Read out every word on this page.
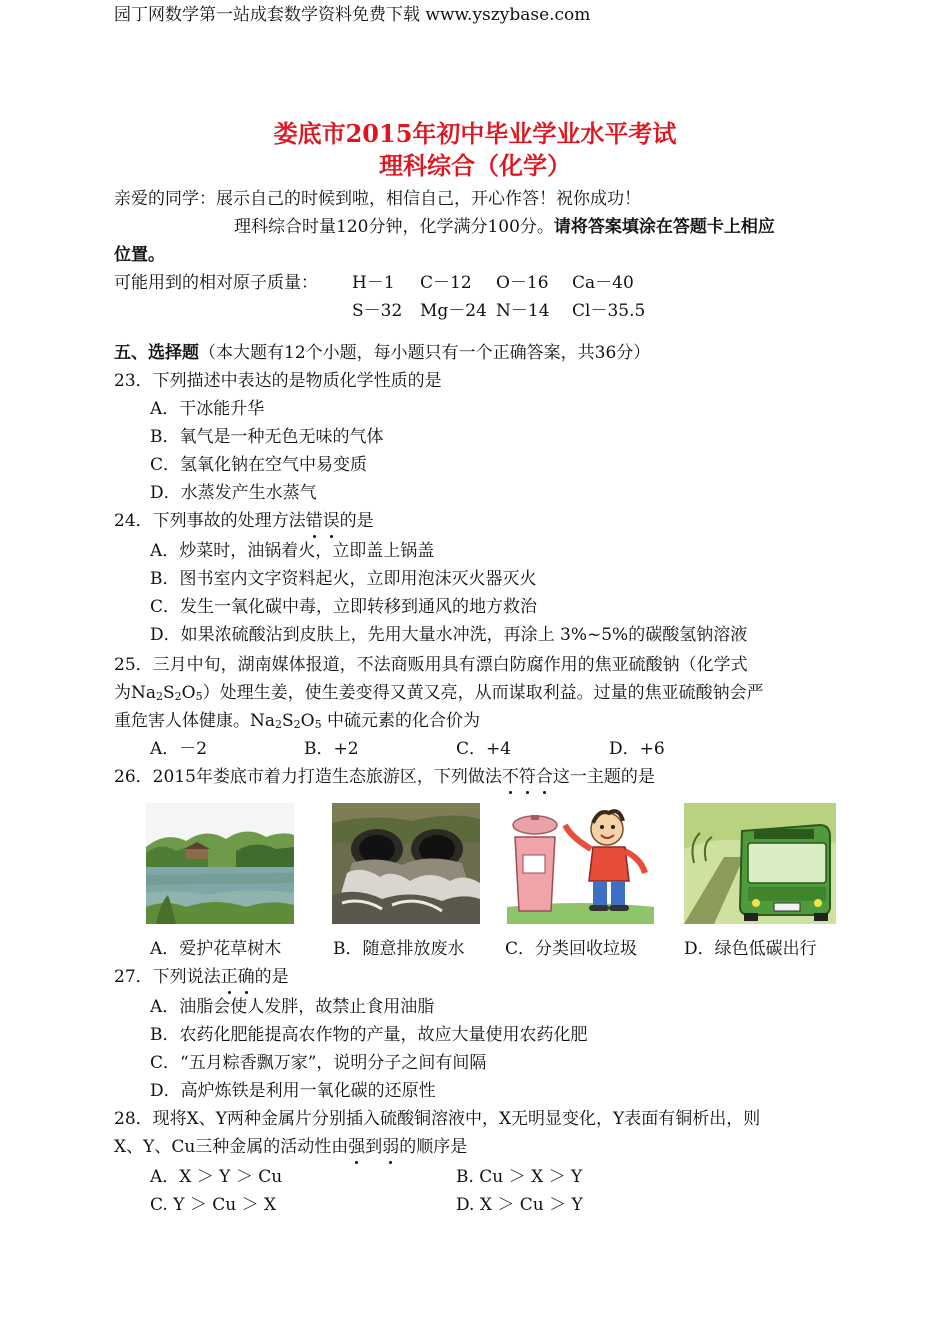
园丁网数学第一站成套数学资料免费下载 www.yszybase.com
娄底市2015年初中毕业学业水平考试
理科综合（化学）
亲爱的同学：展示自己的时候到啦，相信自己，开心作答！祝你成功！
理科综合时量120分钟，化学满分100分。请将答案填涂在答题卡上相应
位置。
可能用到的相对原子质量： H－1 C－12 O－16 Ca－40
S－32 Mg－24 N－14 Cl－35.5
五、选择题（本大题有12个小题，每小题只有一个正确答案，共36分）
23．下列描述中表达的是物质化学性质的是
A．干冰能升华
B．氧气是一种无色无味的气体
C．氢氧化钠在空气中易变质
D．水蒸发产生水蒸气
24．下列事故的处理方法错误的是
A．炒菜时，油锅着火，立即盖上锅盖
B．图书室内文字资料起火，立即用泡沫灭火器灭火
C．发生一氧化碳中毒，立即转移到通风的地方救治
D．如果浓硫酸沾到皮肤上，先用大量水冲洗，再涂上 3%~5%的碳酸氢钠溶液
25．三月中旬，湖南媒体报道，不法商贩用具有漂白防腐作用的焦亚硫酸钠（化学式
为Na2S2O5）处理生姜，使生姜变得又黄又亮，从而谋取利益。过量的焦亚硫酸钠会严
重危害人体健康。Na2S2O5 中硫元素的化合价为
A．－2	B．+2	C．+4	D．+6
26．2015年娄底市着力打造生态旅游区，下列做法不符合这一主题的是
A．爱护花草树木	B．随意排放废水 C．分类回收垃圾	D．绿色低碳出行
27．下列说法正确的是
A．油脂会使人发胖，故禁止食用油脂
B．农药化肥能提高农作物的产量，故应大量使用农药化肥
C．“五月粽香飘万家”，说明分子之间有间隔
D．高炉炼铁是利用一氧化碳的还原性
28．现将X、Y两种金属片分别插入硫酸铜溶液中，X无明显变化，Y表面有铜析出，则
X、Y、Cu三种金属的活动性由强到弱的顺序是
A．X ＞ Y ＞ Cu	B. Cu ＞ X ＞ Y
C. Y ＞ Cu ＞ X	D. X ＞ Cu ＞ Y
